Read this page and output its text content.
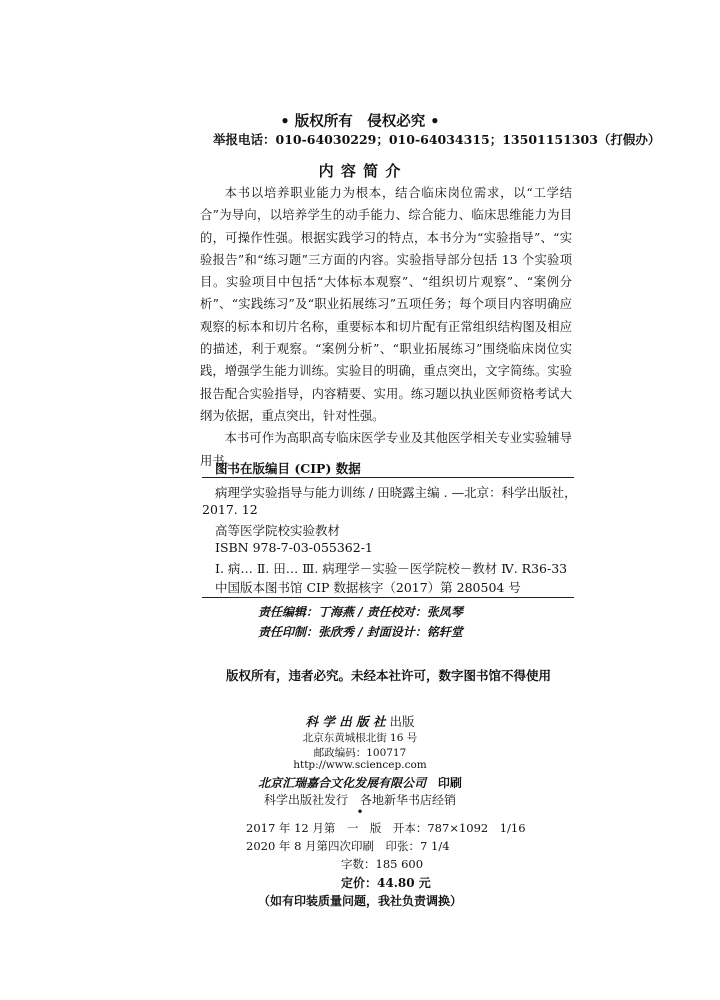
• 版权所有　侵权必究 •
举报电话：010-64030229；010-64034315；13501151303（打假办）
内 容 简 介

本书以培养职业能力为根本，结合临床岗位需求，以“工学结合”为导向，以培养学生的动手能力、综合能力、临床思维能力为目的，可操作性强。根据实践学习的特点，本书分为“实验指导”、“实验报告”和“练习题”三方面的内容。实验指导部分包括 13 个实验项目。实验项目中包括“大体标本观察”、“组织切片观察”、“案例分析”、“实践练习”及“职业拓展练习”五项任务；每个项目内容明确应观察的标本和切片名称，重要标本和切片配有正常组织结构图及相应的描述，利于观察。“案例分析”、“职业拓展练习”围绕临床岗位实践，增强学生能力训练。实验目的明确，重点突出，文字简练。实验报告配合实验指导，内容精要、实用。练习题以执业医师资格考试大纲为依据，重点突出，针对性强。

本书可作为高职高专临床医学专业及其他医学相关专业实验辅导用书。

图书在版编目 (CIP) 数据
病理学实验指导与能力训练 / 田晓露主编 . —北京：科学出版社，
2017. 12
高等医学院校实验教材
ISBN 978-7-03-055362-1
Ⅰ. 病… Ⅱ. 田… Ⅲ. 病理学－实验－医学院校－教材 Ⅳ. R36-33
中国版本图书馆 CIP 数据核字（2017）第 280504 号
责任编辑：丁海燕 / 责任校对：张凤琴
责任印制：张欣秀 / 封面设计：铭轩堂
版权所有，违者必究。未经本社许可，数字图书馆不得使用
科 学 出 版 社 出版
北京东黄城根北街 16 号
邮政编码：100717
http://www.sciencep.com
北京汇瑞嘉合文化发展有限公司 印刷
科学出版社发行　各地新华书店经销
•
2017 年 12 月第　一　版　开本：787×1092　1/16
2020 年 8 月第四次印刷　印张：7 1/4
字数：185 600
定价：44.80 元
（如有印装质量问题，我社负责调换）
